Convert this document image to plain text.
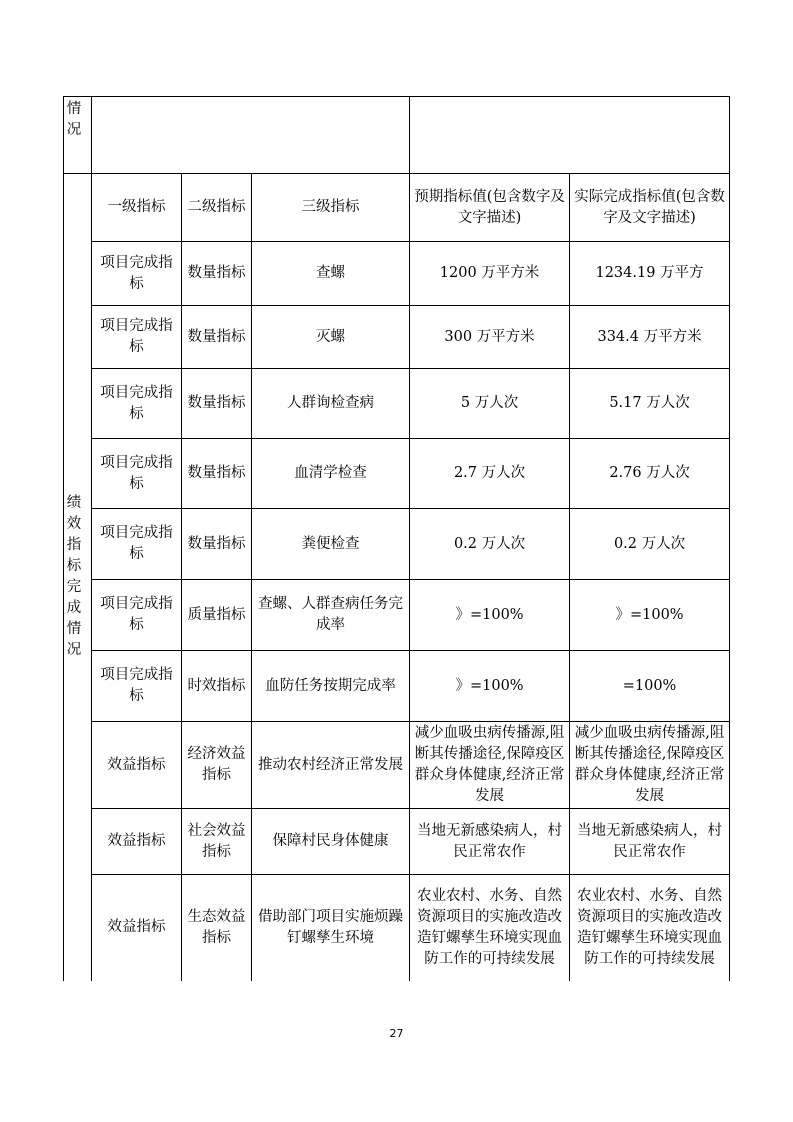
情况					

绩效指标完成情况	一级指标	二级指标	三级指标	预期指标值(包含数字及文字描述)	实际完成指标值(包含数字及文字描述)
	项目完成指标	数量指标	查螺	1200 万平方米	1234.19 万平方
	项目完成指标	数量指标	灭螺	300 万平方米	334.4 万平方米
	项目完成指标	数量指标	人群询检查病	5 万人次	5.17 万人次
	项目完成指标	数量指标	血清学检查	2.7 万人次	2.76 万人次
	项目完成指标	数量指标	粪便检查	0.2 万人次	0.2 万人次
	项目完成指标	质量指标	查螺、人群查病任务完成率	》=100%	》=100%
	项目完成指标	时效指标	血防任务按期完成率	》=100%	=100%
	效益指标	经济效益指标	推动农村经济正常发展	减少血吸虫病传播源,阻断其传播途径,保障疫区群众身体健康,经济正常发展	减少血吸虫病传播源,阻断其传播途径,保障疫区群众身体健康,经济正常发展
	效益指标	社会效益指标	保障村民身体健康	当地无新感染病人，村民正常农作	当地无新感染病人，村民正常农作
	效益指标	生态效益指标	借助部门项目实施烦躁钉螺孳生环境	农业农村、水务、自然资源项目的实施改造改造钉螺孳生环境实现血防工作的可持续发展	农业农村、水务、自然资源项目的实施改造改造钉螺孳生环境实现血防工作的可持续发展
27
